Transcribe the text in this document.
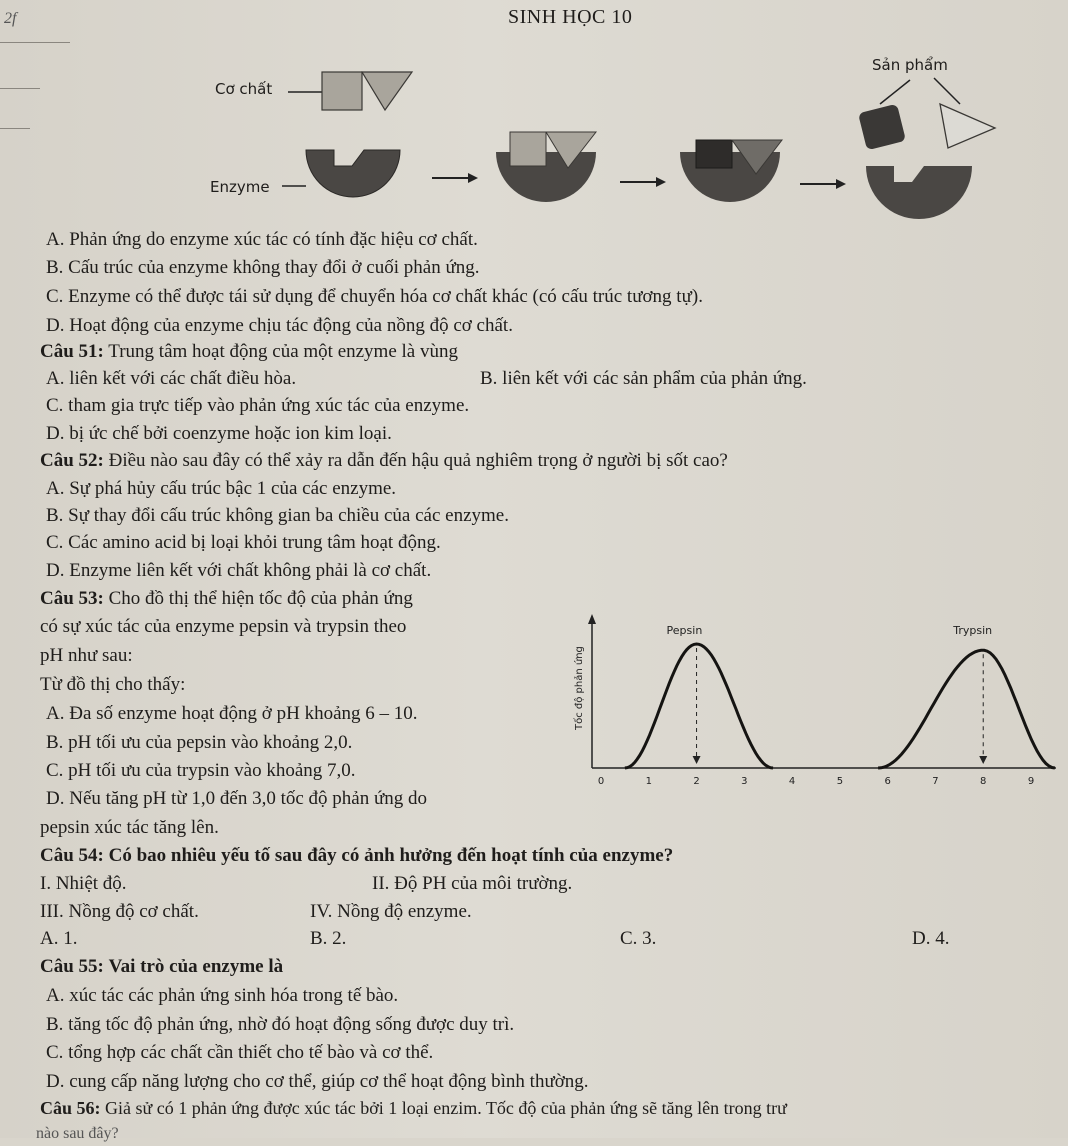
SINH HỌC 10
2f
Cơ chất
Enzyme
Sản phẩm
A. Phản ứng do enzyme xúc tác có tính đặc hiệu cơ chất.
B. Cấu trúc của enzyme không thay đổi ở cuối phản ứng.
C. Enzyme có thể được tái sử dụng để chuyển hóa cơ chất khác (có cấu trúc tương tự).
D. Hoạt động của enzyme chịu tác động của nồng độ cơ chất.
Câu 51: Trung tâm hoạt động của một enzyme là vùng
A. liên kết với các chất điều hòa.	B. liên kết với các sản phẩm của phản ứng.
C. tham gia trực tiếp vào phản ứng xúc tác của enzyme.
D. bị ức chế bởi coenzyme hoặc ion kim loại.
Câu 52: Điều nào sau đây có thể xảy ra dẫn đến hậu quả nghiêm trọng ở người bị sốt cao?
A. Sự phá hủy cấu trúc bậc 1 của các enzyme.
B. Sự thay đổi cấu trúc không gian ba chiều của các enzyme.
C. Các amino acid bị loại khỏi trung tâm hoạt động.
D. Enzyme liên kết với chất không phải là cơ chất.
Câu 53: Cho đồ thị thể hiện tốc độ của phản ứng
có sự xúc tác của enzyme pepsin và trypsin theo
pH như sau:
Từ đồ thị cho thấy:
A. Đa số enzyme hoạt động ở pH khoảng 6 – 10.
B. pH tối ưu của pepsin vào khoảng 2,0.
C. pH tối ưu của trypsin vào khoảng 7,0.
D. Nếu tăng pH từ 1,0 đến 3,0 tốc độ phản ứng do
pepsin xúc tác tăng lên.
Tốc độ phản ứng
0	1	2	3	4	5	6	7	8	9
Pepsin	Trypsin
Câu 54: Có bao nhiêu yếu tố sau đây có ảnh hưởng đến hoạt tính của enzyme?
I. Nhiệt độ.	II. Độ PH của môi trường.
III. Nồng độ cơ chất.	IV. Nồng độ enzyme.
A. 1.	B. 2.	C. 3.	D. 4.
Câu 55: Vai trò của enzyme là
A. xúc tác các phản ứng sinh hóa trong tế bào.
B. tăng tốc độ phản ứng, nhờ đó hoạt động sống được duy trì.
C. tổng hợp các chất cần thiết cho tế bào và cơ thể.
D. cung cấp năng lượng cho cơ thể, giúp cơ thể hoạt động bình thường.
Câu 56: Giả sử có 1 phản ứng được xúc tác bởi 1 loại enzim. Tốc độ của phản ứng sẽ tăng lên trong trư
nào sau đây?
